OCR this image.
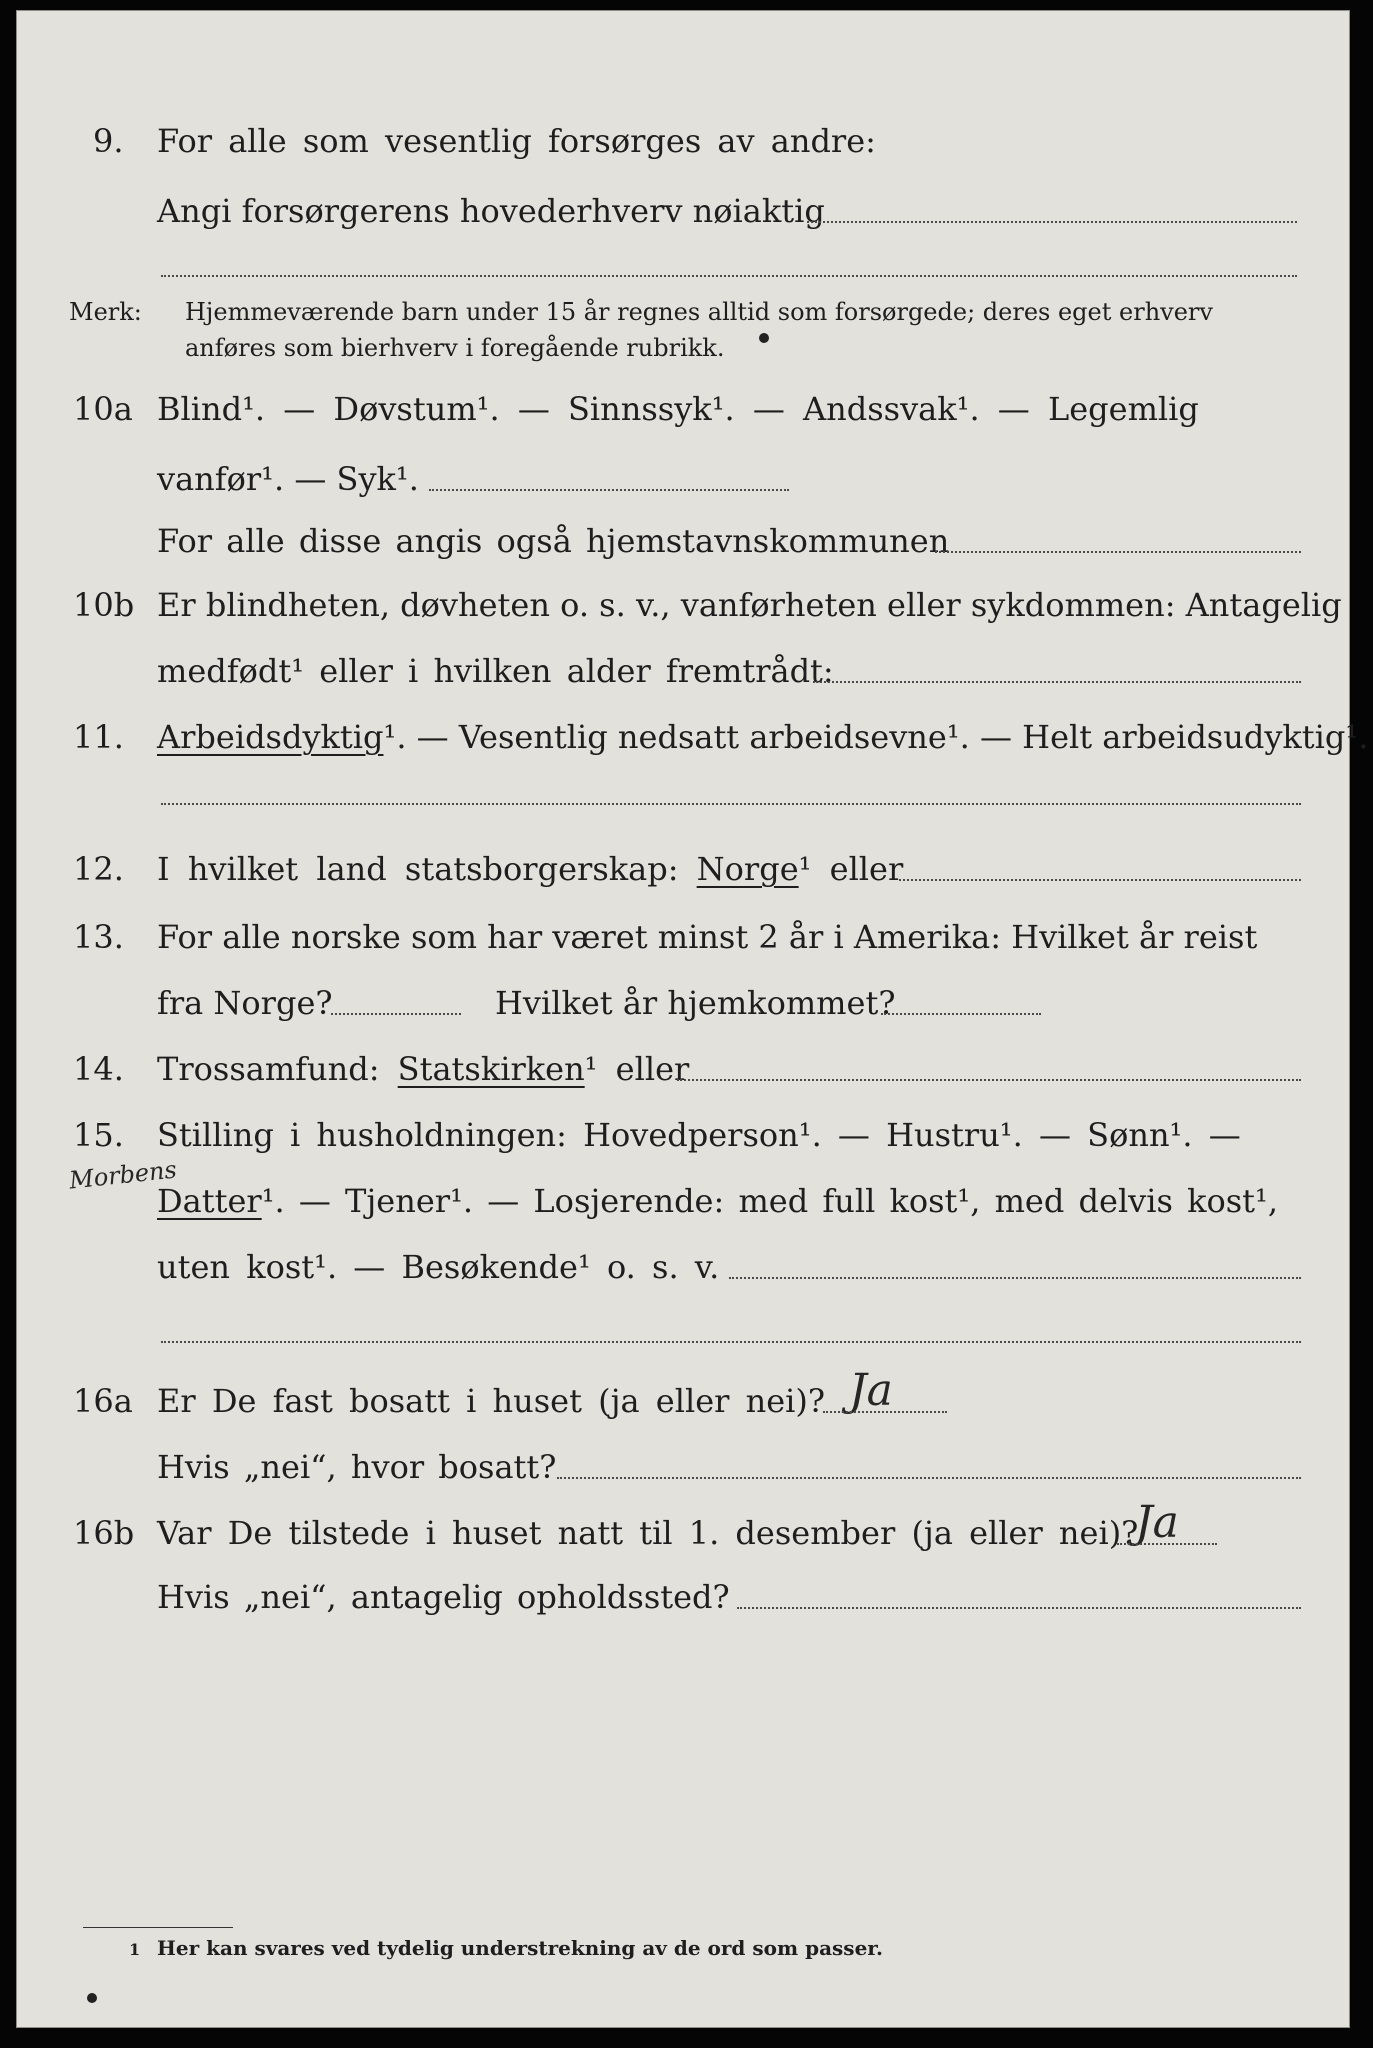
9. For alle som vesentlig forsørges av andre:
Angi forsørgerens hovederhverv nøiaktig
Merk: Hjemmeværende barn under 15 år regnes alltid som forsørgede; deres eget erhverv
anføres som bierhverv i foregående rubrikk.
10a Blind¹. — Døvstum¹. — Sinnssyk¹. — Andssvak¹. — Legemlig
vanfør¹. — Syk¹.
For alle disse angis også hjemstavnskommunen
10b Er blindheten, døvheten o. s. v., vanførheten eller sykdommen: Antagelig
medfødt¹ eller i hvilken alder fremtrådt:
11. Arbeidsdyktig¹. — Vesentlig nedsatt arbeidsevne¹. — Helt arbeidsudyktig¹.
12. I hvilket land statsborgerskap: Norge¹ eller
13. For alle norske som har været minst 2 år i Amerika: Hvilket år reist
fra Norge?	Hvilket år hjemkommet?
14. Trossamfund: Statskirken¹ eller
15. Stilling i husholdningen: Hovedperson¹. — Hustru¹. — Sønn¹. —
Morbens
Datter¹. — Tjener¹. — Losjerende: med full kost¹, med delvis kost¹,
uten kost¹. — Besøkende¹ o. s. v.
16a Er De fast bosatt i huset (ja eller nei)? Ja
Hvis „nei“, hvor bosatt?
16b Var De tilstede i huset natt til 1. desember (ja eller nei)?
Ja
Hvis „nei“, antagelig opholdssted?
1 Her kan svares ved tydelig understrekning av de ord som passer.
